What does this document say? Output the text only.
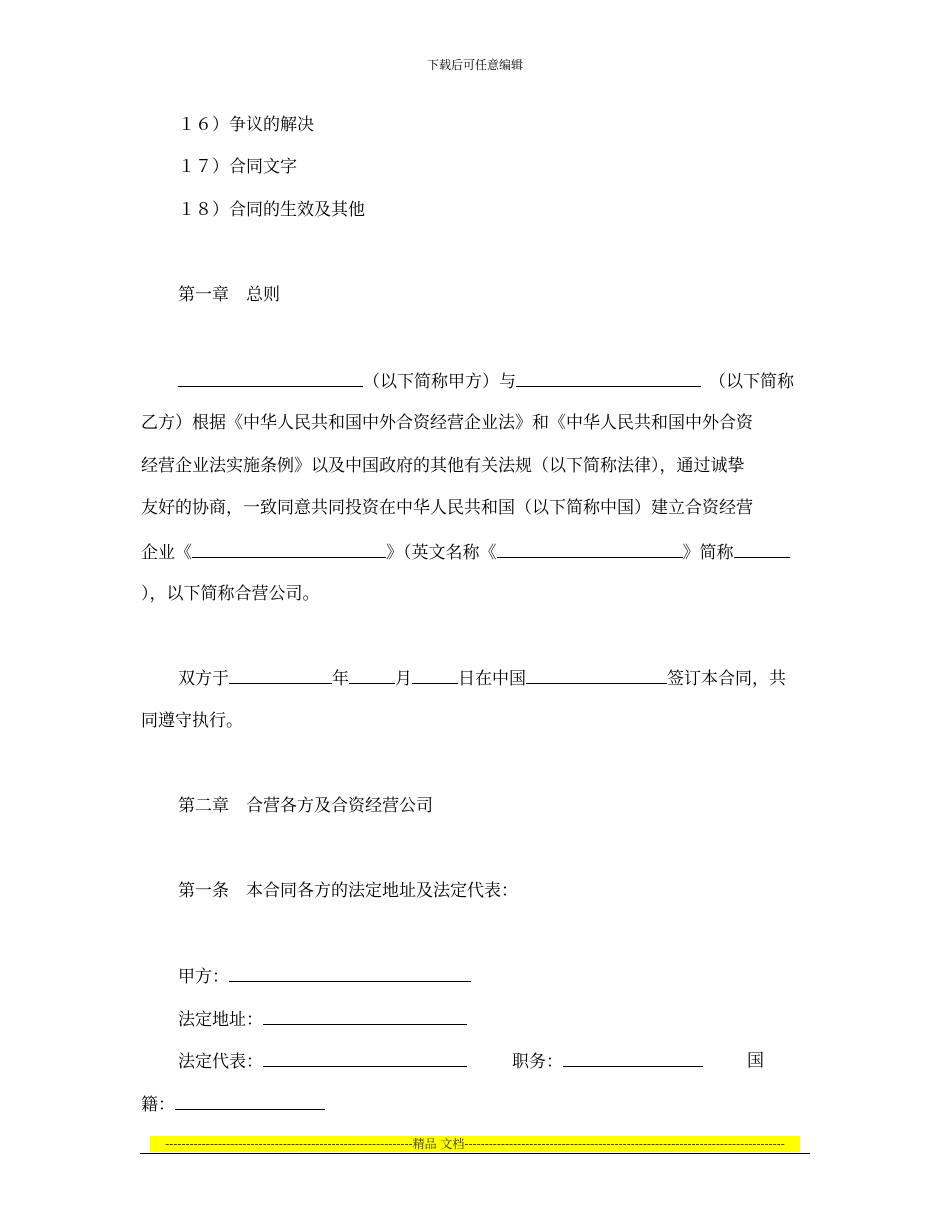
下载后可任意编辑
１６）争议的解决
１７）合同文字
１８）合同的生效及其他
第一章　总则
（以下简称甲方）与	（以下简称
乙方）根据《中华人民共和国中外合资经营企业法》和《中华人民共和国中外合资
经营企业法实施条例》以及中国政府的其他有关法规（以下简称法律），通过诚挚
友好的协商，一致同意共同投资在中华人民共和国（以下简称中国）建立合资经营
企业《	》（英文名称《	》简称
），以下简称合营公司。
双方于	年	月	日在中国	签订本合同，共
同遵守执行。
第二章　合营各方及合资经营公司
第一条　本合同各方的法定地址及法定代表：
甲方：
法定地址：
法定代表：	职务：	国
籍：
-------------------------------------------------------------精品 文档-------------------------------------------------------------------------------
